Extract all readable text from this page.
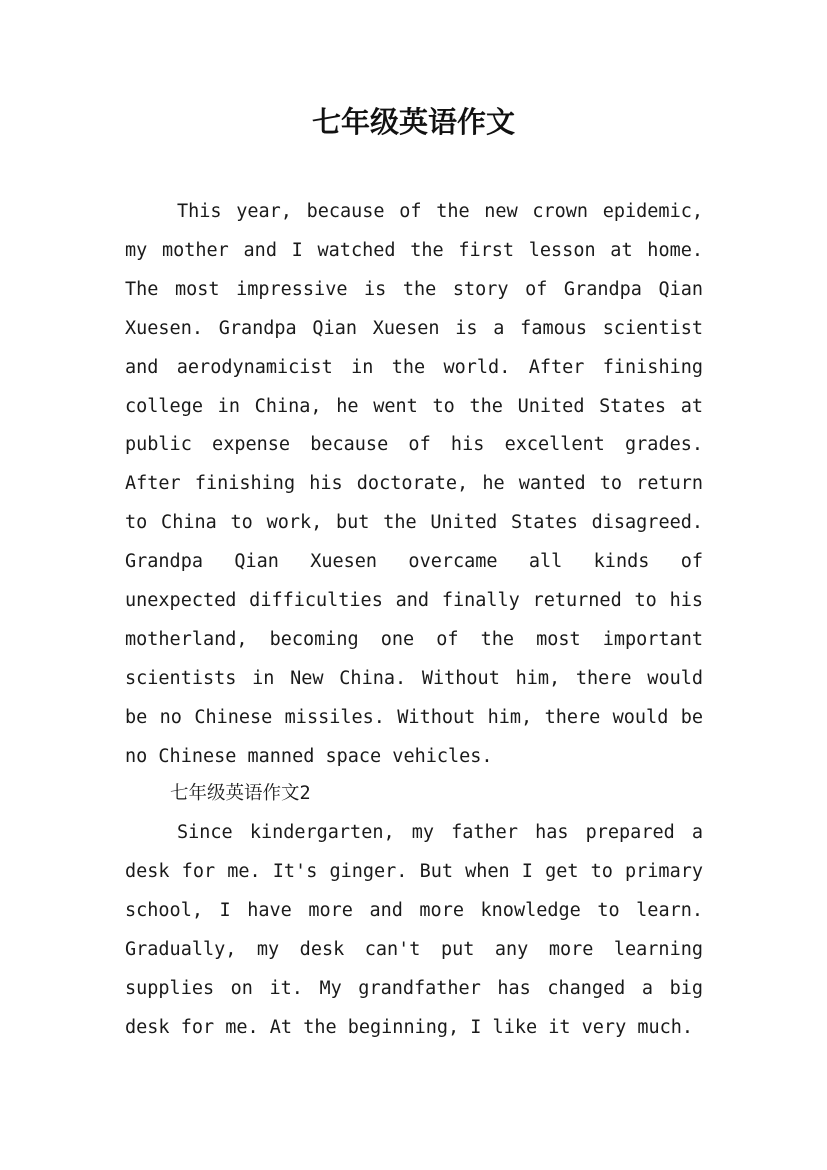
七年级英语作文

This year, because of the new crown epidemic, my mother and I watched the first lesson at home. The most impressive is the story of Grandpa Qian Xuesen. Grandpa Qian Xuesen is a famous scientist and aerodynamicist in the world. After finishing college in China, he went to the United States at public expense because of his excellent grades. After finishing his doctorate, he wanted to return to China to work, but the United States disagreed. Grandpa Qian Xuesen overcame all kinds of unexpected difficulties and finally returned to his motherland, becoming one of the most important scientists in New China. Without him, there would be no Chinese missiles. Without him, there would be no Chinese manned space vehicles.

七年级英语作文2

Since kindergarten, my father has prepared a desk for me. It's ginger. But when I get to primary school, I have more and more knowledge to learn. Gradually, my desk can't put any more learning supplies on it. My grandfather has changed a big desk for me. At the beginning, I like it very much.
